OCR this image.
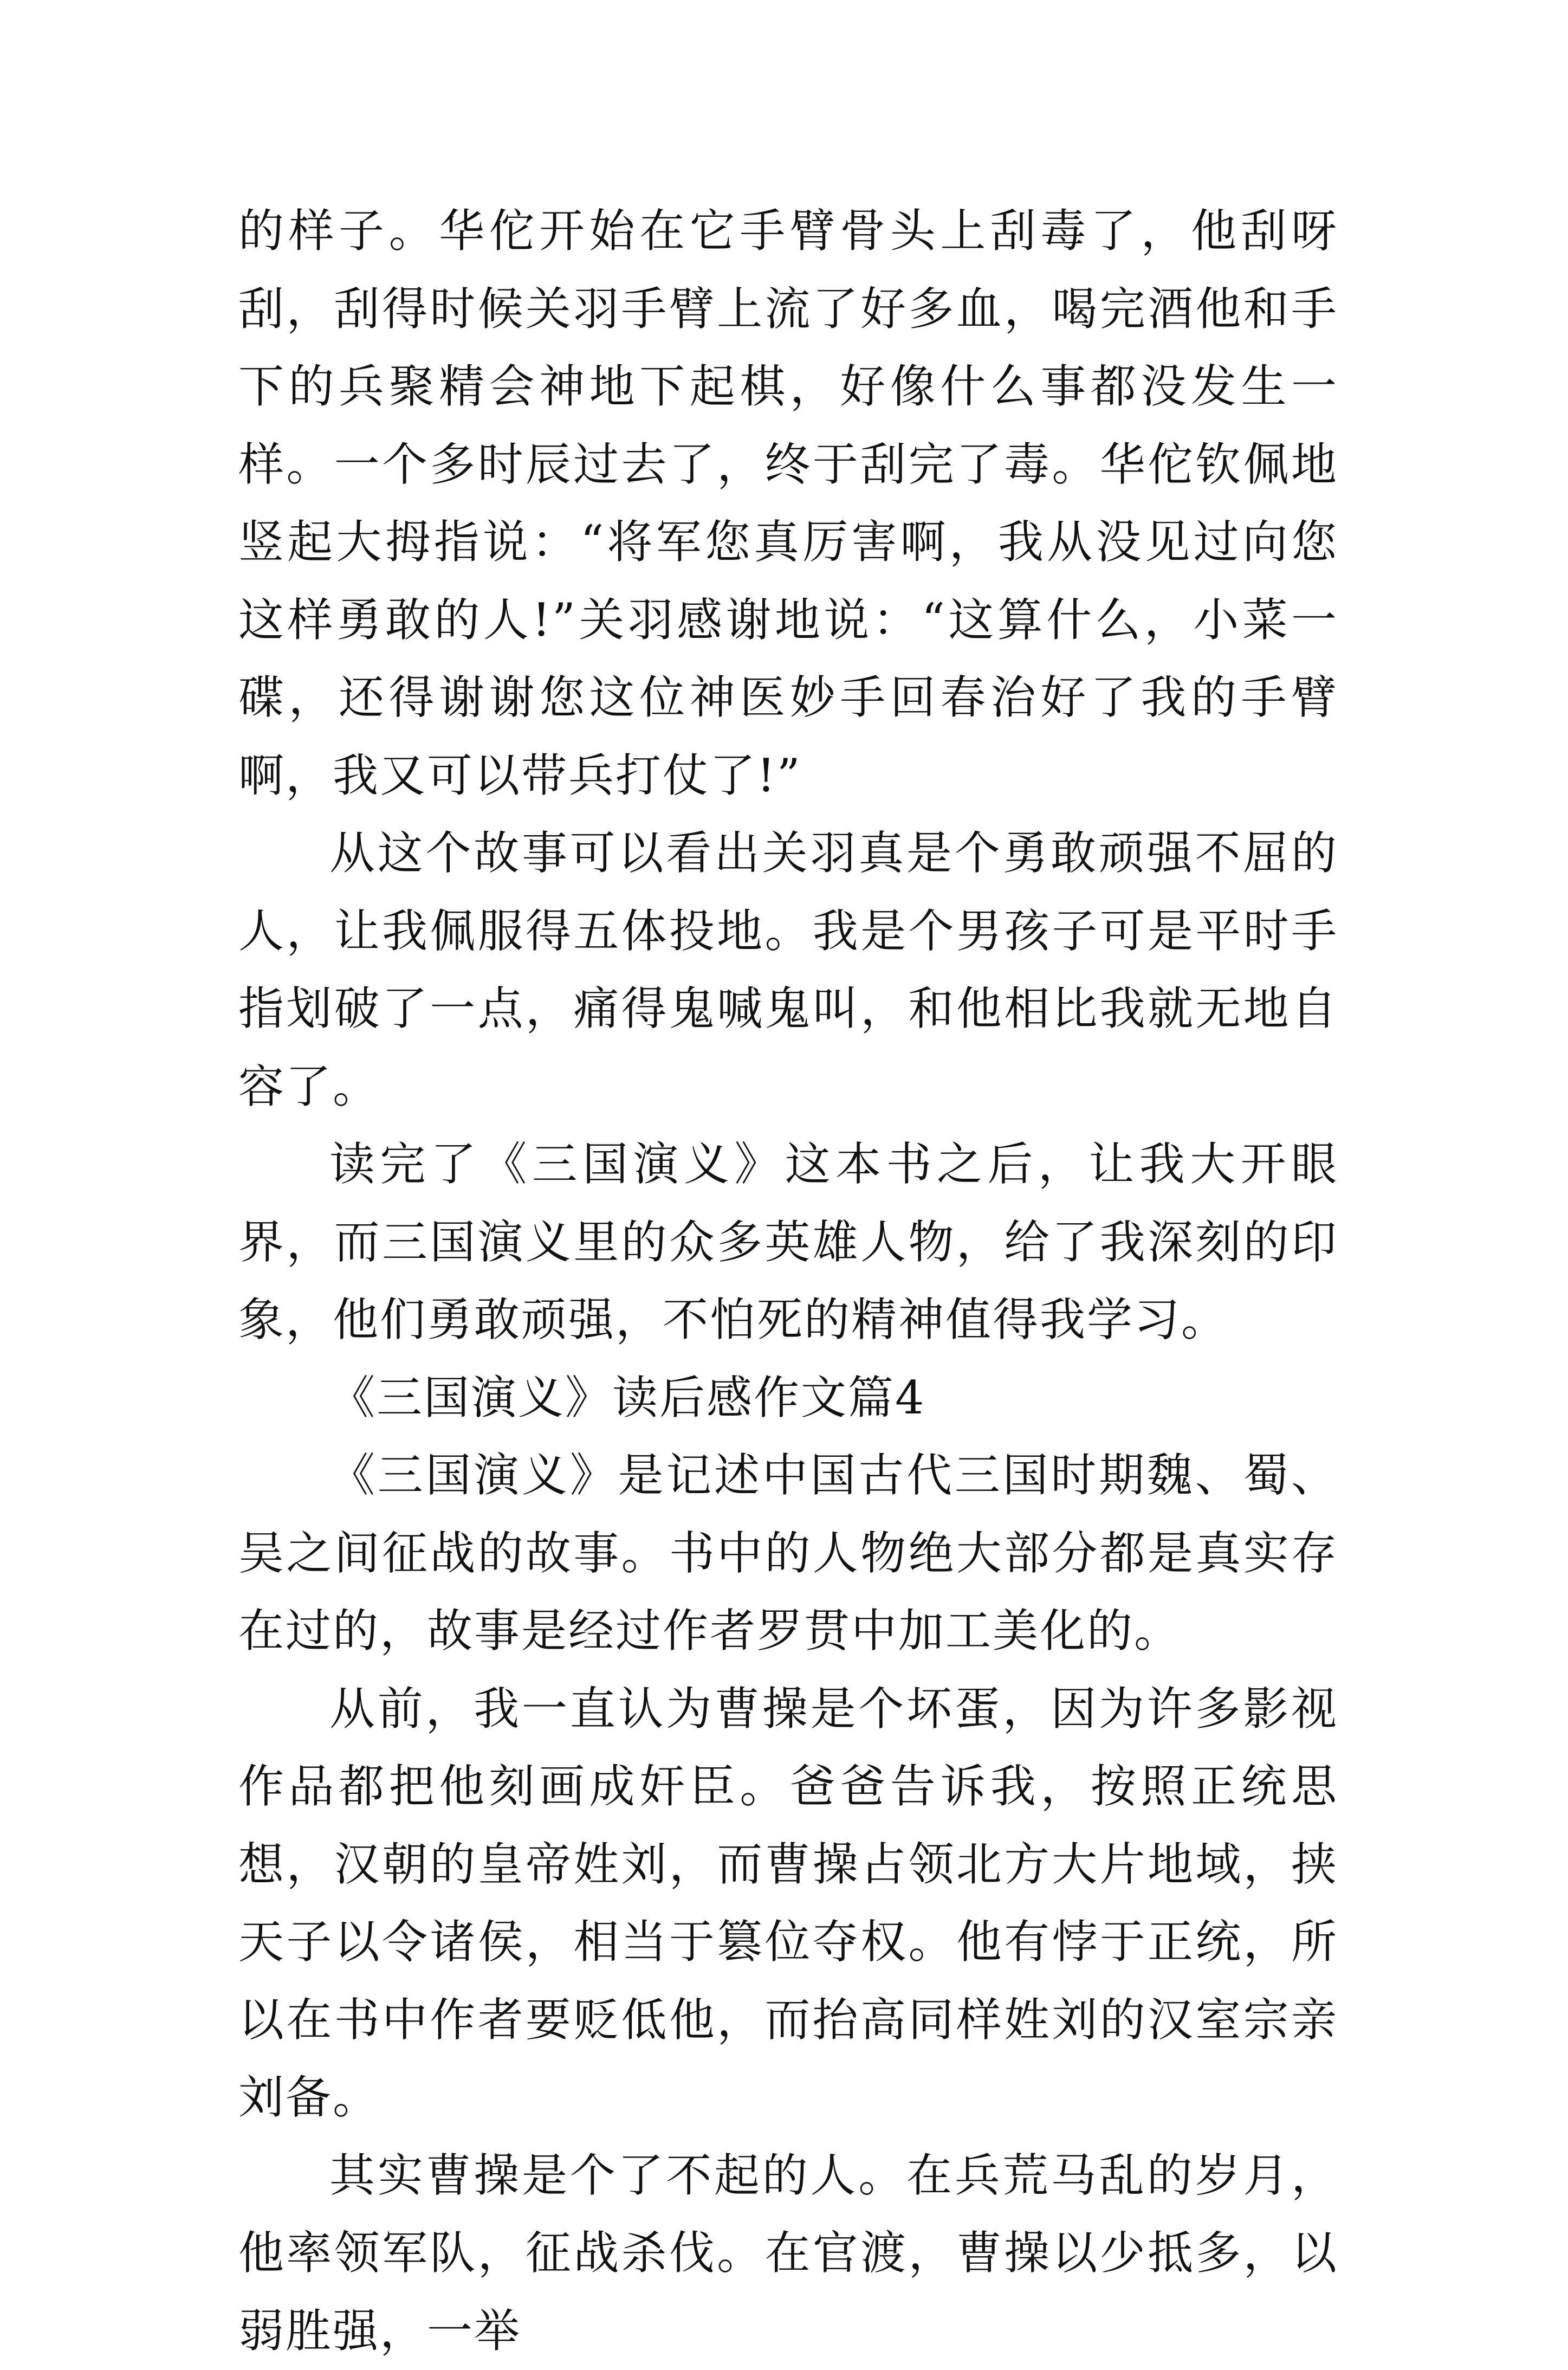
的样子。华佗开始在它手臂骨头上刮毒了，他刮呀刮，刮得时候关羽手臂上流了好多血，喝完酒他和手下的兵聚精会神地下起棋，好像什么事都没发生一样。一个多时辰过去了，终于刮完了毒。华佗钦佩地竖起大拇指说：“将军您真厉害啊，我从没见过向您这样勇敢的人!”关羽感谢地说：“这算什么，小菜一碟，还得谢谢您这位神医妙手回春治好了我的手臂啊，我又可以带兵打仗了!”

从这个故事可以看出关羽真是个勇敢顽强不屈的人，让我佩服得五体投地。我是个男孩子可是平时手指划破了一点，痛得鬼喊鬼叫，和他相比我就无地自容了。

读完了《三国演义》这本书之后，让我大开眼界，而三国演义里的众多英雄人物，给了我深刻的印象，他们勇敢顽强，不怕死的精神值得我学习。

《三国演义》读后感作文篇4

《三国演义》是记述中国古代三国时期魏、蜀、吴之间征战的故事。书中的人物绝大部分都是真实存在过的，故事是经过作者罗贯中加工美化的。

从前，我一直认为曹操是个坏蛋，因为许多影视作品都把他刻画成奸臣。爸爸告诉我，按照正统思想，汉朝的皇帝姓刘，而曹操占领北方大片地域，挟天子以令诸侯，相当于篡位夺权。他有悖于正统，所以在书中作者要贬低他，而抬高同样姓刘的汉室宗亲刘备。

其实曹操是个了不起的人。在兵荒马乱的岁月，他率领军队，征战杀伐。在官渡，曹操以少抵多，以弱胜强，一举
